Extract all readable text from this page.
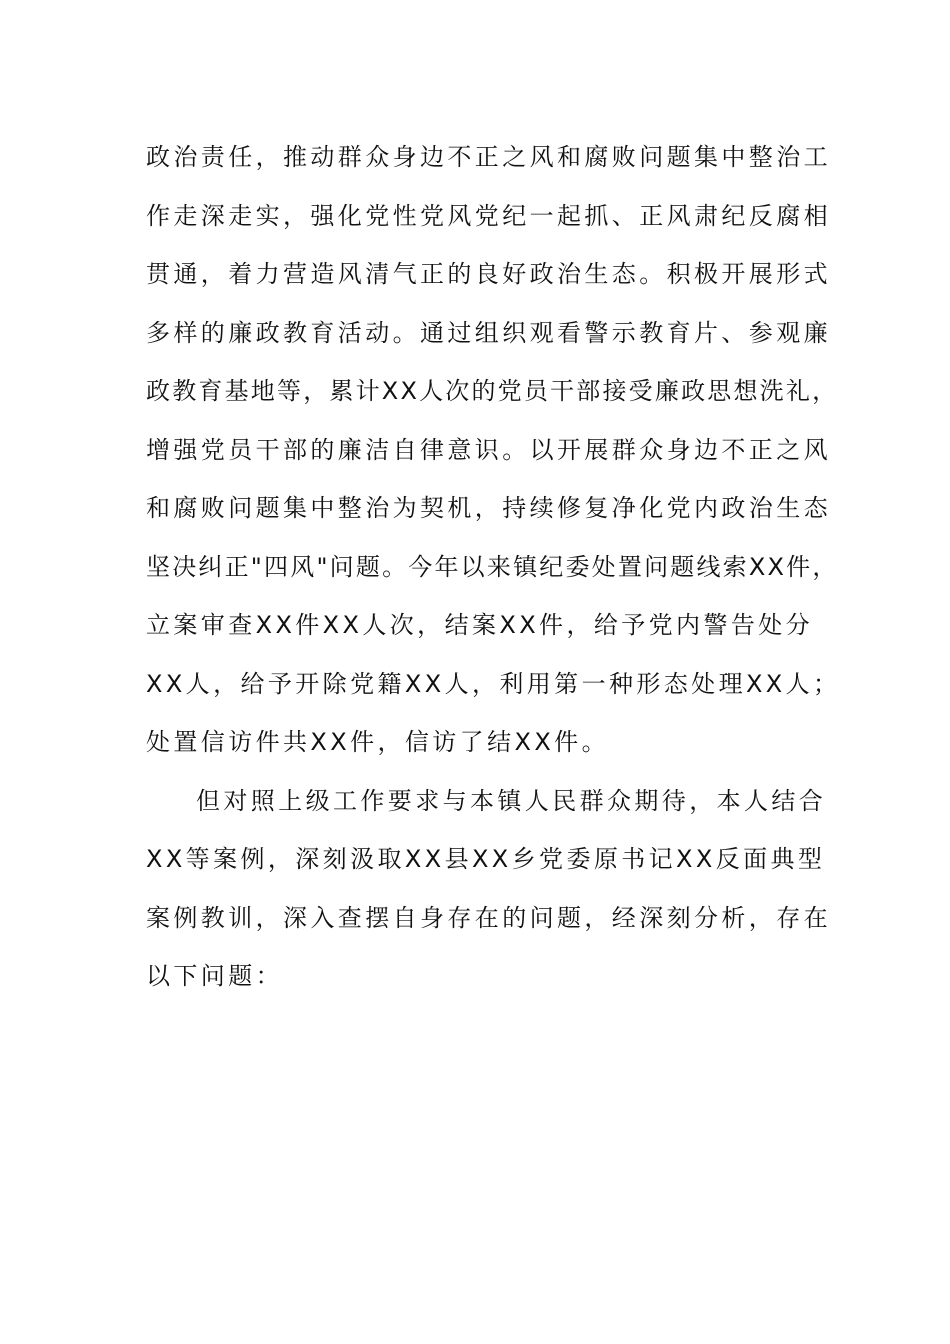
政治责任，推动群众身边不正之风和腐败问题集中整治工
作走深走实，强化党性党风党纪一起抓、正风肃纪反腐相
贯通，着力营造风清气正的良好政治生态。积极开展形式
多样的廉政教育活动。通过组织观看警示教育片、参观廉
政教育基地等，累计XX人次的党员干部接受廉政思想洗礼，
增强党员干部的廉洁自律意识。以开展群众身边不正之风
和腐败问题集中整治为契机，持续修复净化党内政治生态
坚决纠正"四风"问题。今年以来镇纪委处置问题线索XX件，
立案审查XX件XX人次，结案XX件，给予党内警告处分
XX人，给予开除党籍XX人，利用第一种形态处理XX人；
处置信访件共XX件，信访了结XX件。
但对照上级工作要求与本镇人民群众期待，本人结合
XX等案例，深刻汲取XX县XX乡党委原书记XX反面典型
案例教训，深入查摆自身存在的问题，经深刻分析，存在
以下问题：
